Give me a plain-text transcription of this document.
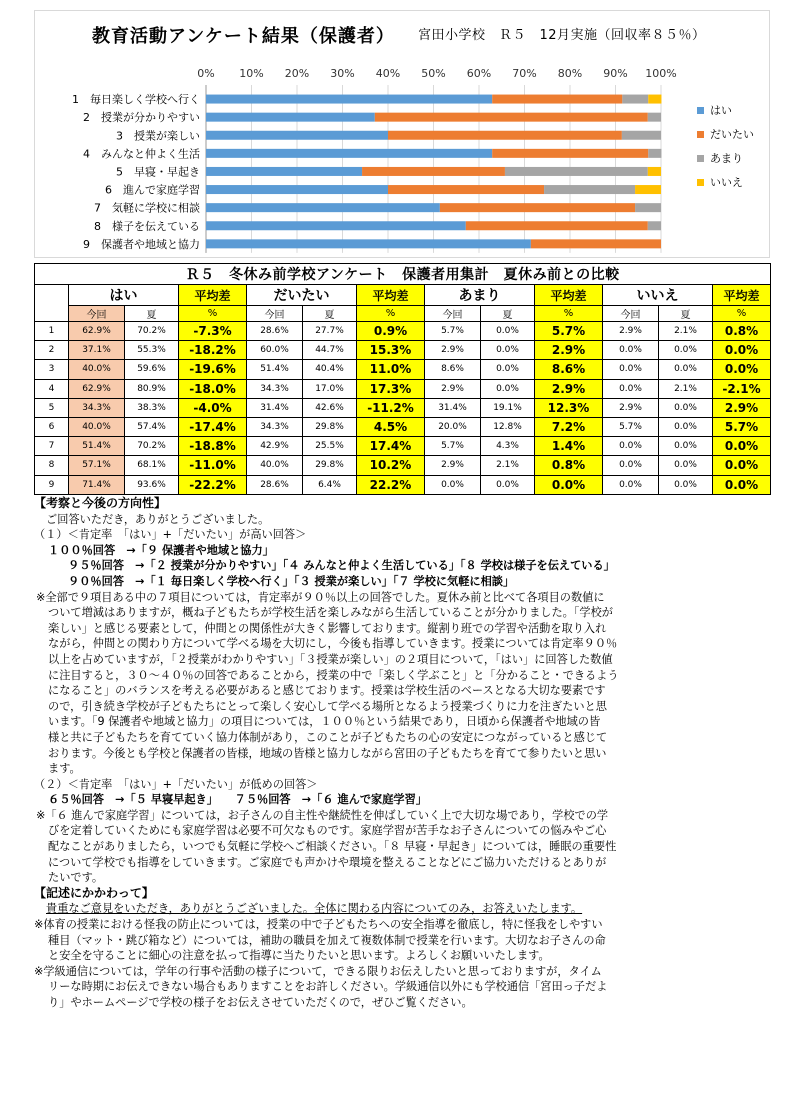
教育活動アンケート結果（保護者） 宮田小学校　Ｒ５　12月実施（回収率８５％）
0% 10% 20% 30% 40% 50% 60% 70% 80% 90% 100%
1　毎日楽しく学校へ行く
2　授業が分かりやすい
3　授業が楽しい
4　みんなと仲よく生活
5　早寝・早起き
6　進んで家庭学習
7　気軽に学校に相談
8　様子を伝えている
9　保護者や地域と協力
はい
だいたい
あまり
いいえ
Ｒ５　冬休み前学校アンケート　保護者用集計　夏休み前との比較												
	はい		平均差	だいたい		平均差	あまり		平均差	いいえ		平均差
	今回	夏	%	今回	夏	%	今回	夏	%	今回	夏	%
1	62.9%	70.2%	-7.3%	28.6%	27.7%	0.9%	5.7%	0.0%	5.7%	2.9%	2.1%	0.8%
2	37.1%	55.3%	-18.2%	60.0%	44.7%	15.3%	2.9%	0.0%	2.9%	0.0%	0.0%	0.0%
3	40.0%	59.6%	-19.6%	51.4%	40.4%	11.0%	8.6%	0.0%	8.6%	0.0%	0.0%	0.0%
4	62.9%	80.9%	-18.0%	34.3%	17.0%	17.3%	2.9%	0.0%	2.9%	0.0%	2.1%	-2.1%
5	34.3%	38.3%	-4.0%	31.4%	42.6%	-11.2%	31.4%	19.1%	12.3%	2.9%	0.0%	2.9%
6	40.0%	57.4%	-17.4%	34.3%	29.8%	4.5%	20.0%	12.8%	7.2%	5.7%	0.0%	5.7%
7	51.4%	70.2%	-18.8%	42.9%	25.5%	17.4%	5.7%	4.3%	1.4%	0.0%	0.0%	0.0%
8	57.1%	68.1%	-11.0%	40.0%	29.8%	10.2%	2.9%	2.1%	0.8%	0.0%	0.0%	0.0%
9	71.4%	93.6%	-22.2%	28.6%	6.4%	22.2%	0.0%	0.0%	0.0%	0.0%	0.0%	0.0%

【考察と今後の方向性】

ご回答いただき，ありがとうございました。

（１）＜肯定率　「はい」+「だいたい」が高い回答＞

１００％回答　→「９ 保護者や地域と協力」

９５％回答　→「２ 授業が分かりやすい」「４ みんなと仲よく生活している」「８ 学校は様子を伝えている」

９０％回答　→「１ 毎日楽しく学校へ行く」「３ 授業が楽しい」「７ 学校に気軽に相談」

※全部で９項目ある中の７項目については，肯定率が９０％以上の回答でした。夏休み前と比べて各項目の数値に

ついて増減はありますが，概ね子どもたちが学校生活を楽しみながら生活していることが分かりました。「学校が

楽しい」と感じる要素として，仲間との関係性が大きく影響しております。縦割り班での学習や活動を取り入れ

ながら，仲間との関わり方について学べる場を大切にし，今後も指導していきます。授業については肯定率９０％

以上を占めていますが，「２授業がわかりやすい」「３授業が楽しい」の２項目について，「はい」に回答した数値

に注目すると，３０～４０％の回答であることから，授業の中で「楽しく学ぶこと」と「分かること・できるよう

になること」のバランスを考える必要があると感じております。授業は学校生活のベースとなる大切な要素です

ので，引き続き学校が子どもたちにとって楽しく安心して学べる場所となるよう授業づくりに力を注ぎたいと思

います。「9 保護者や地域と協力」の項目については，１００％という結果であり，日頃から保護者や地域の皆

様と共に子どもたちを育てていく協力体制があり，このことが子どもたちの心の安定につながっていると感じて

おります。今後とも学校と保護者の皆様，地域の皆様と協力しながら宮田の子どもたちを育てて参りたいと思い

ます。

（２）＜肯定率　「はい」+「だいたい」が低めの回答＞

６５％回答　→「５ 早寝早起き」　　７５％回答　→「６ 進んで家庭学習」

※「６ 進んで家庭学習」については，お子さんの自主性や継続性を伸ばしていく上で大切な場であり，学校での学

びを定着していくためにも家庭学習は必要不可欠なものです。家庭学習が苦手なお子さんについての悩みやご心

配なことがありましたら，いつでも気軽に学校へご相談ください。「８ 早寝・早起き」については，睡眠の重要性

について学校でも指導をしていきます。ご家庭でも声かけや環境を整えることなどにご協力いただけるとありが

たいです。

【記述にかかわって】

貴重なご意見をいただき，ありがとうございました。全体に関わる内容についてのみ，お答えいたします。

※体育の授業における怪我の防止については，授業の中で子どもたちへの安全指導を徹底し，特に怪我をしやすい

種目（マット・跳び箱など）については，補助の職員を加えて複数体制で授業を行います。大切なお子さんの命

と安全を守ることに細心の注意を払って指導に当たりたいと思います。よろしくお願いいたします。

※学級通信については，学年の行事や活動の様子について，できる限りお伝えしたいと思っておりますが，タイム

リーな時期にお伝えできない場合もありますことをお許しください。学級通信以外にも学校通信「宮田っ子だよ

り」やホームページで学校の様子をお伝えさせていただくので，ぜひご覧ください。
